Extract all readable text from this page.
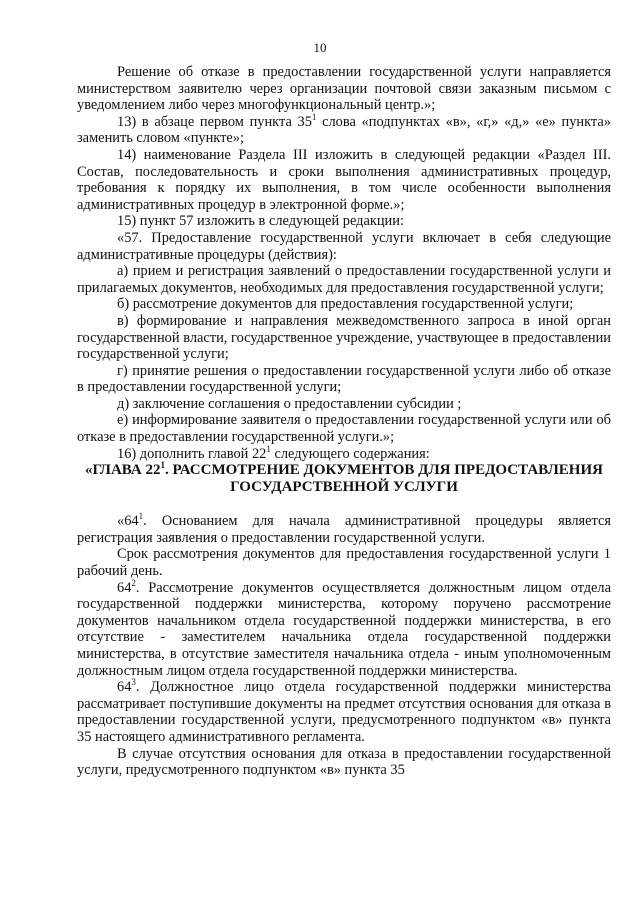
10

Решение об отказе в предоставлении государственной услуги направляется министерством заявителю через организации почтовой связи заказным письмом с уведомлением либо через многофункциональный центр.»;

13) в абзаце первом пункта $35^1$ слова «подпунктах «в», «г,» «д,» «е» пункта» заменить словом «пункте»;

14) наименование Раздела III изложить в следующей редакции «Раздел III. Состав, последовательность и сроки выполнения административных процедур, требования к порядку их выполнения, в том числе особенности выполнения административных процедур в электронной форме.»;

15) пункт 57 изложить в следующей редакции:

«57. Предоставление государственной услуги включает в себя следующие административные процедуры (действия):

а) прием и регистрация заявлений о предоставлении государственной услуги и прилагаемых документов, необходимых для предоставления государственной услуги;

б) рассмотрение документов для предоставления государственной услуги;

в) формирование и направления межведомственного запроса в иной орган государственной власти, государственное учреждение, участвующее в предоставлении государственной услуги;

г) принятие решения о предоставлении государственной услуги либо об отказе в предоставлении государственной услуги;

д) заключение соглашения о предоставлении субсидии ;

е) информирование заявителя о предоставлении государственной услуги или об отказе в предоставлении государственной услуги.»;

16) дополнить главой $22^1$ следующего содержания:

«ГЛАВА $22^1$. РАССМОТРЕНИЕ ДОКУМЕНТОВ ДЛЯ ПРЕДОСТАВЛЕНИЯ ГОСУДАРСТВЕННОЙ УСЛУГИ

«$64^1$. Основанием для начала административной процедуры является регистрация заявления о предоставлении государственной услуги.

Срок рассмотрения документов для предоставления государственной услуги 1 рабочий день.

$64^2$. Рассмотрение документов осуществляется должностным лицом отдела государственной поддержки министерства, которому поручено рассмотрение документов начальником отдела государственной поддержки министерства, в его отсутствие - заместителем начальника отдела государственной поддержки министерства, в отсутствие заместителя начальника отдела - иным уполномоченным должностным лицом отдела государственной поддержки министерства.

$64^3$. Должностное лицо отдела государственной поддержки министерства рассматривает поступившие документы на предмет отсутствия основания для отказа в предоставлении государственной услуги, предусмотренного подпунктом «в» пункта 35 настоящего административного регламента.

В случае отсутствия основания для отказа в предоставлении государственной услуги, предусмотренного подпунктом «в» пункта 35
